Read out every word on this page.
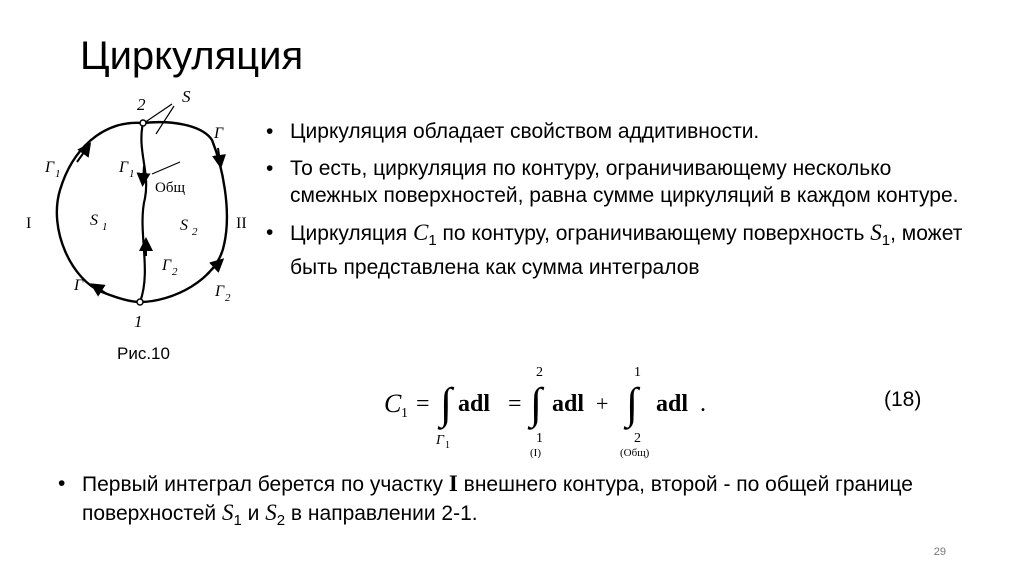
Циркуляция
2 S
Γ
Γ 1	Γ 1
Общ
S 1	S 2
I	II
Γ 2
Γ	Γ 2
1
Рис.10
• Циркуляция обладает свойством аддитивности.
• То есть, циркуляция по контуру, ограничивающему несколько смежных поверхностей, равна сумме циркуляций в каждом контуре.
• Циркуляция $C_1$ по контуру, ограничивающему поверхность $S_1$, может быть представлена как сумма интегралов
C 1 = ∫
Γ 1
adl = ∫
2
1
(I)
adl + ∫
1
2
(Общ)
adl .	(18)
• Первый интеграл берется по участку I внешнего контура, второй - по общей границе поверхностей $S_1$ и $S_2$ в направлении 2-1.
29
